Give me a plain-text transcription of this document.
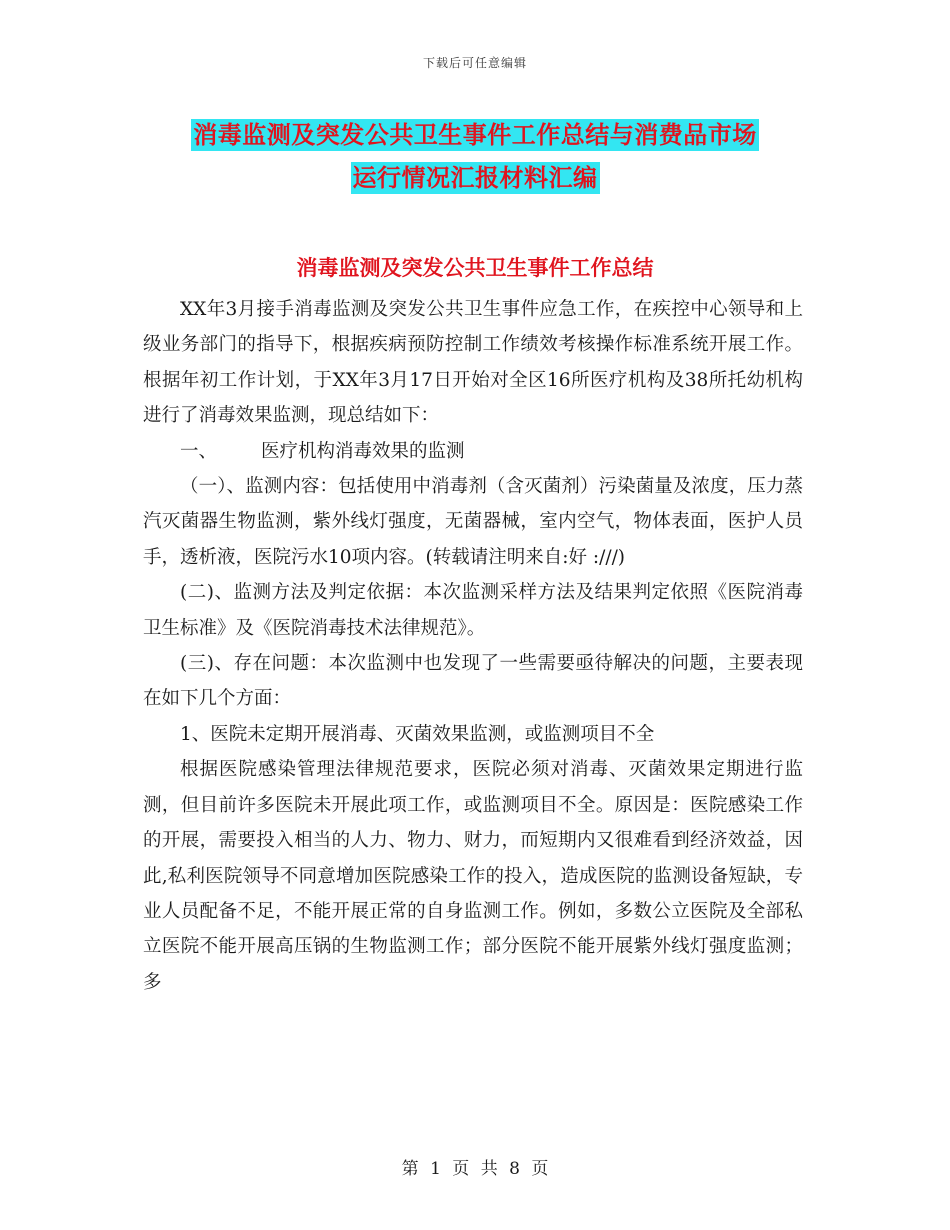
下载后可任意编辑
消毒监测及突发公共卫生事件工作总结与消费品市场
运行情况汇报材料汇编
消毒监测及突发公共卫生事件工作总结

XX年3月接手消毒监测及突发公共卫生事件应急工作，在疾控中心领导和上级业务部门的指导下，根据疾病预防控制工作绩效考核操作标准系统开展工作。根据年初工作计划，于XX年3月17日开始对全区16所医疗机构及38所托幼机构进行了消毒效果监测，现总结如下：

一、 医疗机构消毒效果的监测

（一）、监测内容：包括使用中消毒剂（含灭菌剂）污染菌量及浓度，压力蒸汽灭菌器生物监测，紫外线灯强度，无菌器械，室内空气，物体表面，医护人员手，透析液，医院污水10项内容。(转载请注明来自:好 :///)

(二)、监测方法及判定依据：本次监测采样方法及结果判定依照《医院消毒卫生标准》及《医院消毒技术法律规范》。

(三)、存在问题：本次监测中也发现了一些需要亟待解决的问题，主要表现在如下几个方面：

1、医院未定期开展消毒、灭菌效果监测，或监测项目不全

根据医院感染管理法律规范要求，医院必须对消毒、灭菌效果定期进行监测，但目前许多医院未开展此项工作，或监测项目不全。原因是：医院感染工作的开展，需要投入相当的人力、物力、财力，而短期内又很难看到经济效益，因此,私利医院领导不同意增加医院感染工作的投入，造成医院的监测设备短缺，专业人员配备不足，不能开展正常的自身监测工作。例如，多数公立医院及全部私立医院不能开展高压锅的生物监测工作；部分医院不能开展紫外线灯强度监测；多

第 1 页 共 8 页
